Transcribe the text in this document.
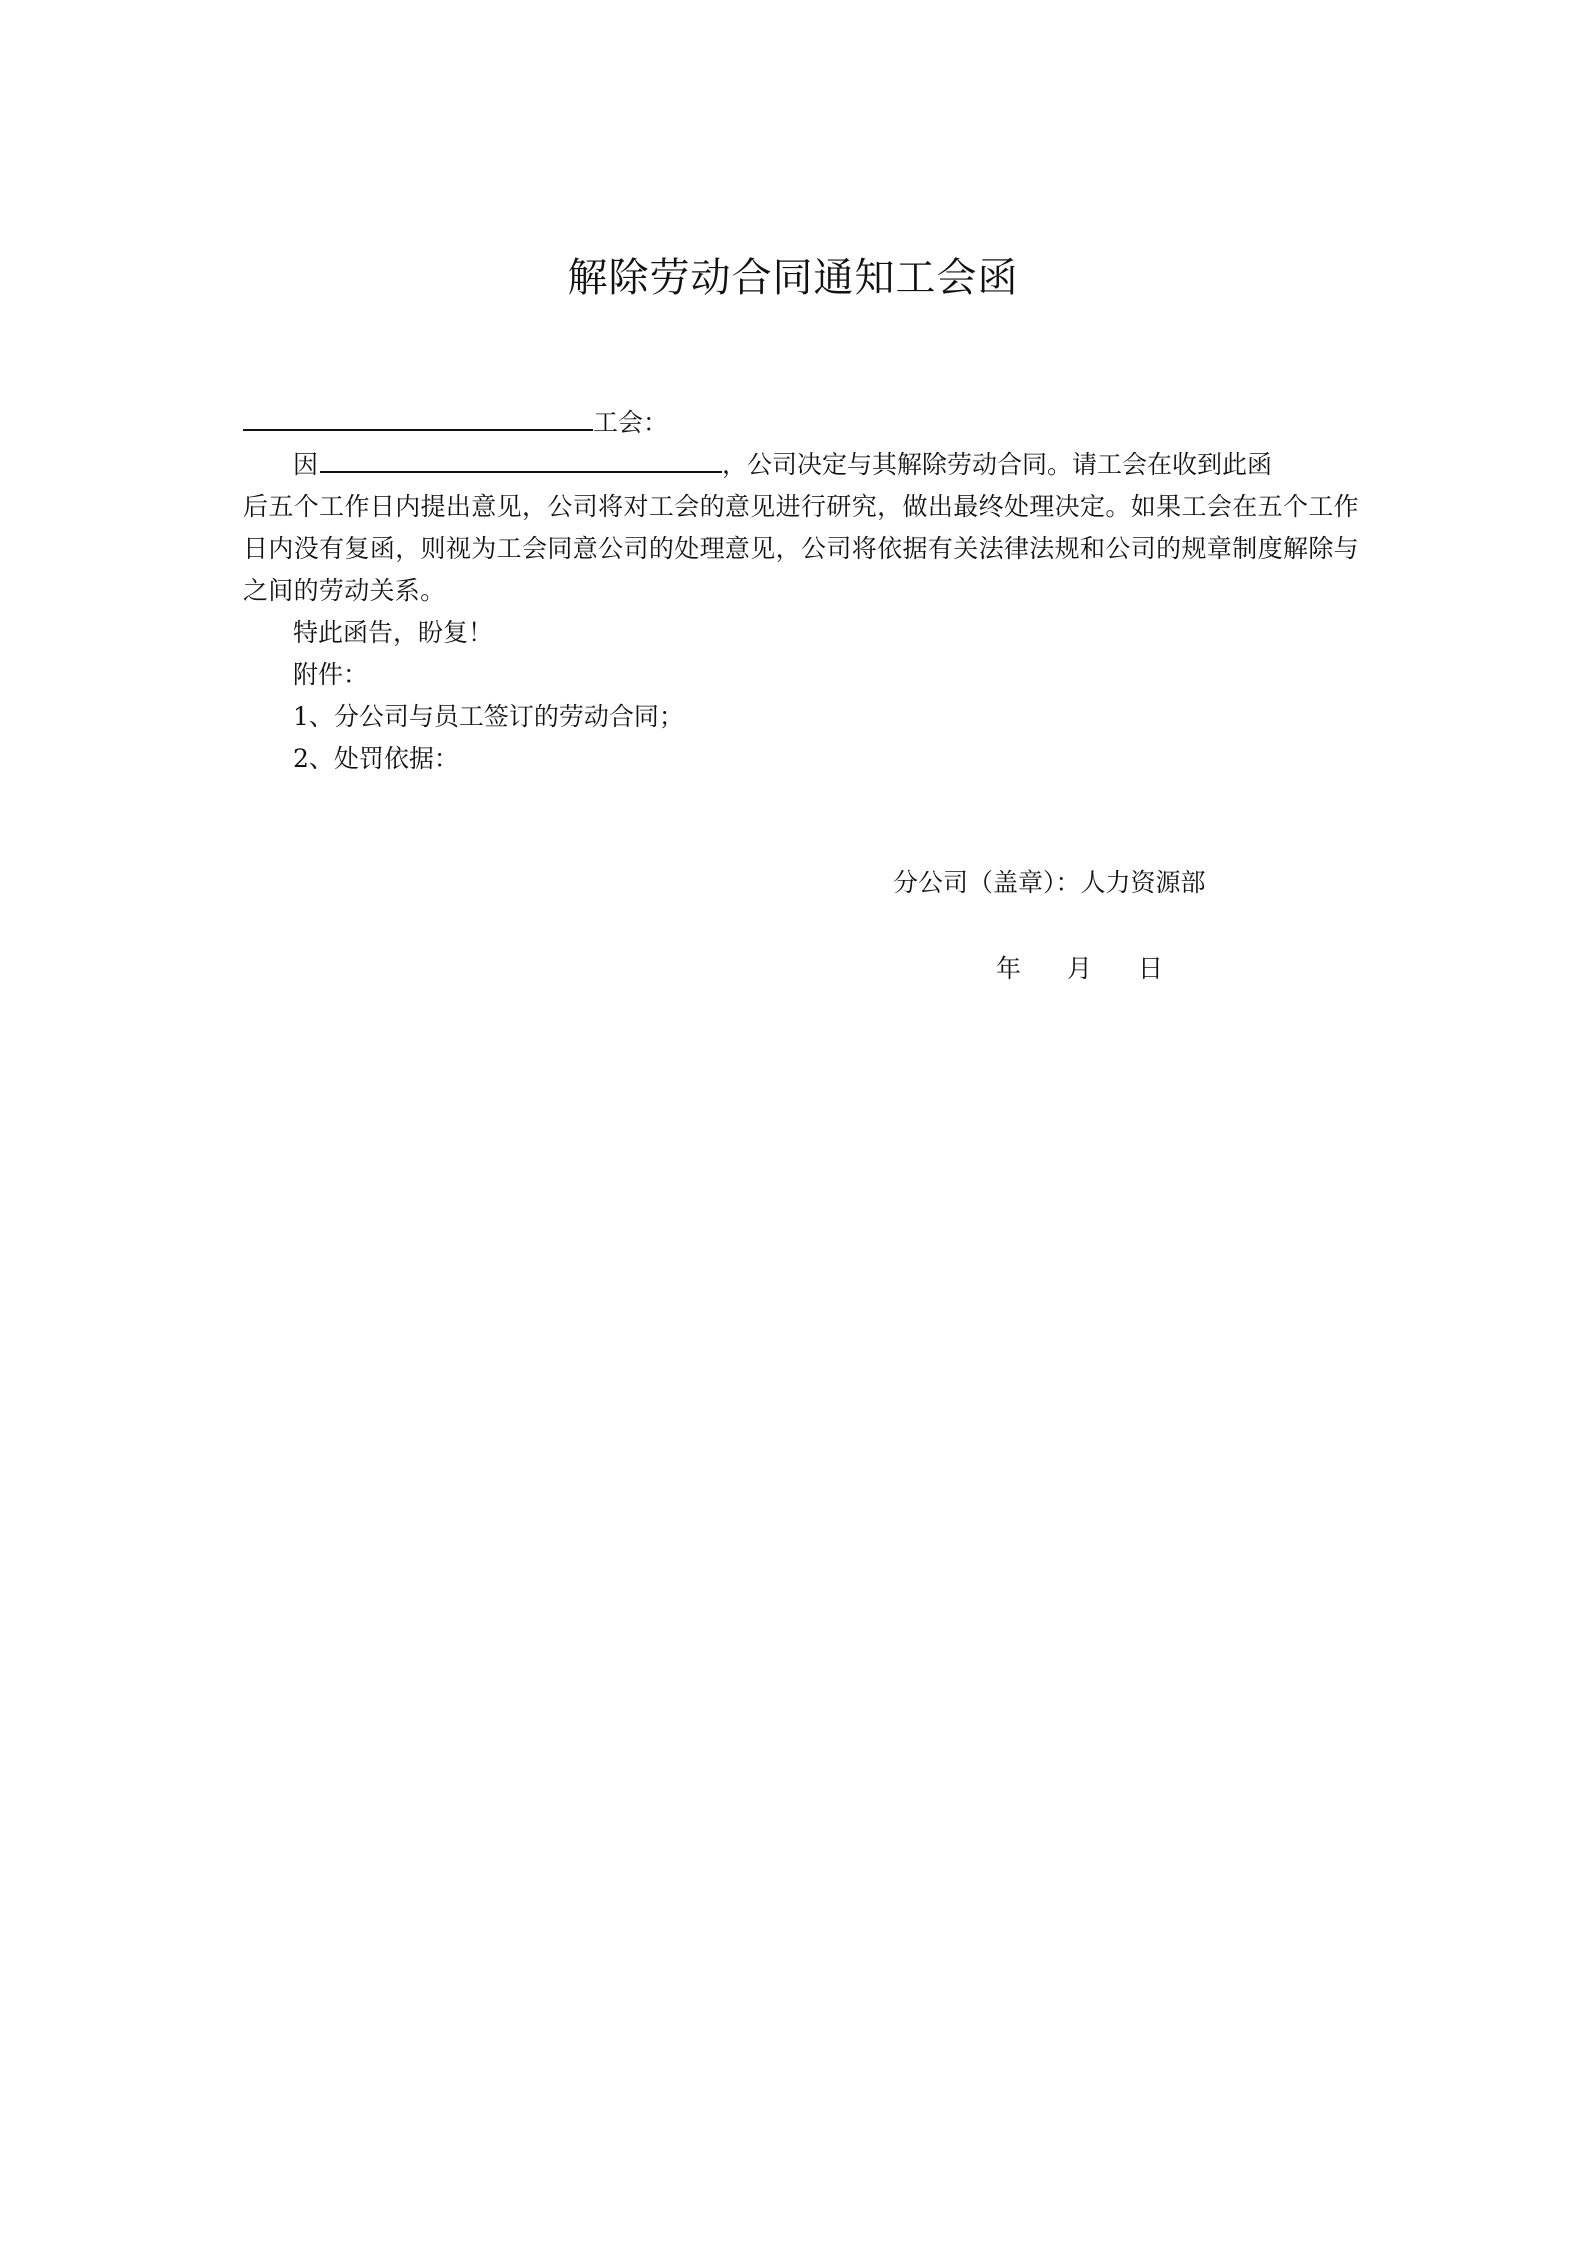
解除劳动合同通知工会函

工会：

因	，公司决定与其解除劳动合同。请工会在收到此函

后五个工作日内提出意见，公司将对工会的意见进行研究，做出最终处理决定。如果工会在五个工作日内没有复函，则视为工会同意公司的处理意见，公司将依据有关法律法规和公司的规章制度解除与之间的劳动关系。

特此函告，盼复！

附件：

1、分公司与员工签订的劳动合同；

2、处罚依据：

分公司（盖章）：人力资源部
年 月 日
